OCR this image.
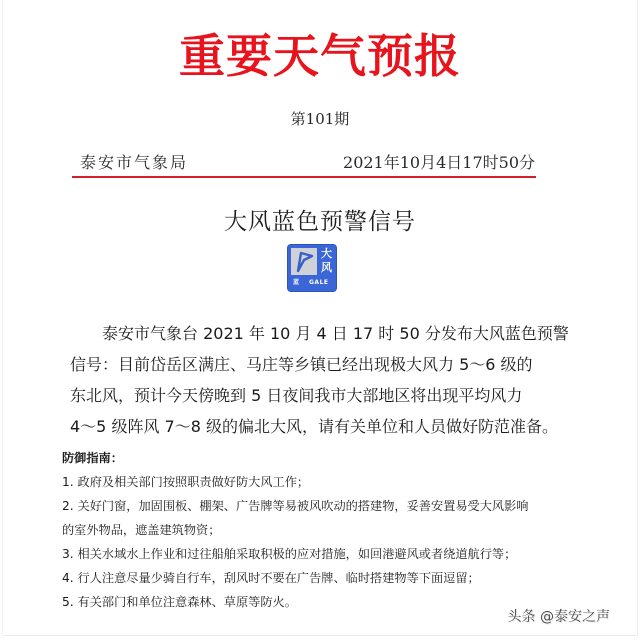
重要天气预报
第101期
泰安市气象局	2021年10月4日17时50分
大风蓝色预警信号
大
风
蓝 GALE
泰安市气象台 2021 年 10 月 4 日 17 时 50 分发布大风蓝色预警
信号：目前岱岳区满庄、马庄等乡镇已经出现极大风力 5～6 级的
东北风，预计今天傍晚到 5 日夜间我市大部地区将出现平均风力
4～5 级阵风 7～8 级的偏北大风，请有关单位和人员做好防范准备。
防御指南：
1. 政府及相关部门按照职责做好防大风工作；
2. 关好门窗，加固围板、棚架、广告牌等易被风吹动的搭建物，妥善安置易受大风影响
的室外物品，遮盖建筑物资；
3. 相关水域水上作业和过往船舶采取积极的应对措施，如回港避风或者绕道航行等；
4. 行人注意尽量少骑自行车，刮风时不要在广告牌、临时搭建物等下面逗留；
5. 有关部门和单位注意森林、草原等防火。
头条 @泰安之声
